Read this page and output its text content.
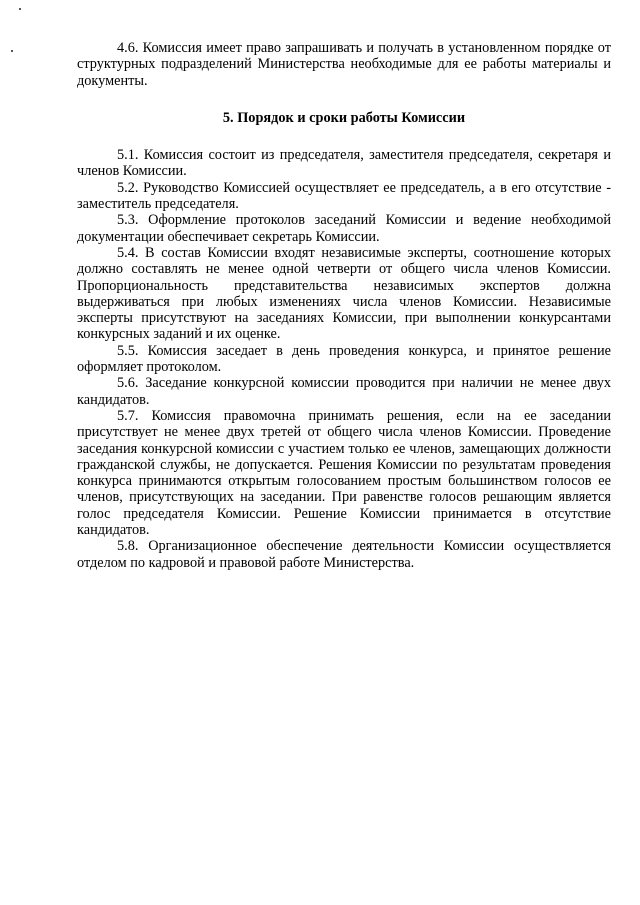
4.6. Комиссия имеет право запрашивать и получать в установленном порядке от структурных подразделений Министерства необходимые для ее работы материалы и документы.

5. Порядок и сроки работы Комиссии

5.1. Комиссия состоит из председателя, заместителя председателя, секретаря и членов Комиссии.

5.2. Руководство Комиссией осуществляет ее председатель, а в его отсутствие - заместитель председателя.

5.3. Оформление протоколов заседаний Комиссии и ведение необходимой документации обеспечивает секретарь Комиссии.

5.4. В состав Комиссии входят независимые эксперты, соотношение которых должно составлять не менее одной четверти от общего числа членов Комиссии. Пропорциональность представительства независимых экспертов должна выдерживаться при любых изменениях числа членов Комиссии. Независимые эксперты присутствуют на заседаниях Комиссии, при выполнении конкурсантами конкурсных заданий и их оценке.

5.5. Комиссия заседает в день проведения конкурса, и принятое решение оформляет протоколом.

5.6. Заседание конкурсной комиссии проводится при наличии не менее двух кандидатов.

5.7. Комиссия правомочна принимать решения, если на ее заседании присутствует не менее двух третей от общего числа членов Комиссии. Проведение заседания конкурсной комиссии с участием только ее членов, замещающих должности гражданской службы, не допускается. Решения Комиссии по результатам проведения конкурса принимаются открытым голосованием простым большинством голосов ее членов, присутствующих на заседании. При равенстве голосов решающим является голос председателя Комиссии. Решение Комиссии принимается в отсутствие кандидатов.

5.8. Организационное обеспечение деятельности Комиссии осуществляется отделом по кадровой и правовой работе Министерства.
